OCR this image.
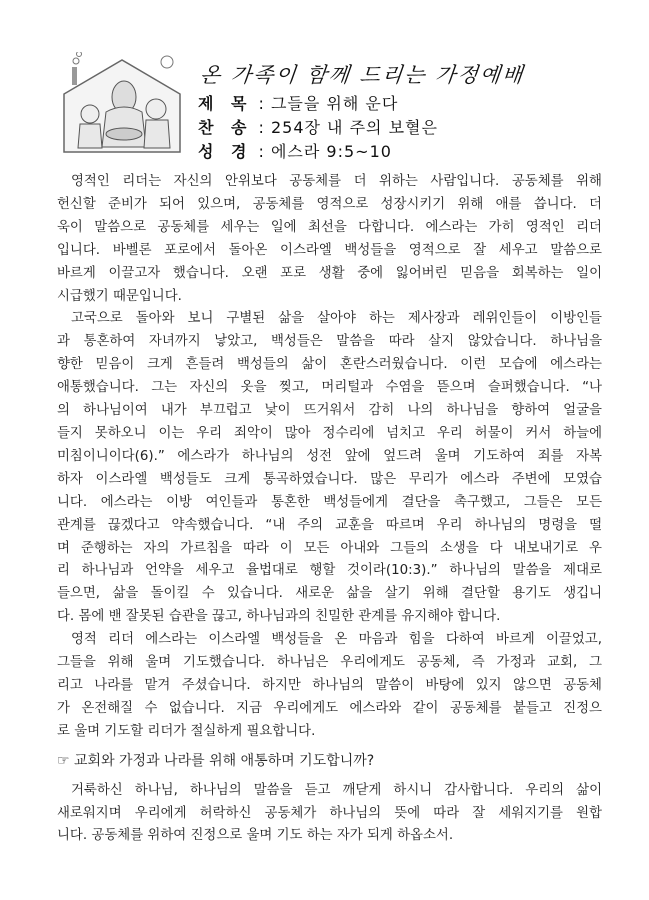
온 가족이 함께 드리는 가정예배
제 목 : 그들을 위해 운다
찬 송 : 254장 내 주의 보혈은
성 경 : 에스라 9:5~10
영적인 리더는 자신의 안위보다 공동체를 더 위하는 사람입니다. 공동체를 위해
헌신할 준비가 되어 있으며, 공동체를 영적으로 성장시키기 위해 애를 씁니다. 더
욱이 말씀으로 공동체를 세우는 일에 최선을 다합니다. 에스라는 가히 영적인 리더
입니다. 바벨론 포로에서 돌아온 이스라엘 백성들을 영적으로 잘 세우고 말씀으로
바르게 이끌고자 했습니다. 오랜 포로 생활 중에 잃어버린 믿음을 회복하는 일이
시급했기 때문입니다.
고국으로 돌아와 보니 구별된 삶을 살아야 하는 제사장과 레위인들이 이방인들
과 통혼하여 자녀까지 낳았고, 백성들은 말씀을 따라 살지 않았습니다. 하나님을
향한 믿음이 크게 흔들려 백성들의 삶이 혼란스러웠습니다. 이런 모습에 에스라는
애통했습니다. 그는 자신의 옷을 찢고, 머리털과 수염을 뜯으며 슬퍼했습니다. “나
의 하나님이여 내가 부끄럽고 낯이 뜨거워서 감히 나의 하나님을 향하여 얼굴을
들지 못하오니 이는 우리 죄악이 많아 정수리에 넘치고 우리 허물이 커서 하늘에
미침이니이다(6).” 에스라가 하나님의 성전 앞에 엎드려 울며 기도하여 죄를 자복
하자 이스라엘 백성들도 크게 통곡하였습니다. 많은 무리가 에스라 주변에 모였습
니다. 에스라는 이방 여인들과 통혼한 백성들에게 결단을 촉구했고, 그들은 모든
관계를 끊겠다고 약속했습니다. “내 주의 교훈을 따르며 우리 하나님의 명령을 떨
며 준행하는 자의 가르침을 따라 이 모든 아내와 그들의 소생을 다 내보내기로 우
리 하나님과 언약을 세우고 율법대로 행할 것이라(10:3).” 하나님의 말씀을 제대로
들으면, 삶을 돌이킬 수 있습니다. 새로운 삶을 살기 위해 결단할 용기도 생깁니
다. 몸에 밴 잘못된 습관을 끊고, 하나님과의 친밀한 관계를 유지해야 합니다.
영적 리더 에스라는 이스라엘 백성들을 온 마음과 힘을 다하여 바르게 이끌었고,
그들을 위해 울며 기도했습니다. 하나님은 우리에게도 공동체, 즉 가정과 교회, 그
리고 나라를 맡겨 주셨습니다. 하지만 하나님의 말씀이 바탕에 있지 않으면 공동체
가 온전해질 수 없습니다. 지금 우리에게도 에스라와 같이 공동체를 붙들고 진정으
로 울며 기도할 리더가 절실하게 필요합니다.
☞ 교회와 가정과 나라를 위해 애통하며 기도합니까?
거룩하신 하나님, 하나님의 말씀을 듣고 깨닫게 하시니 감사합니다. 우리의 삶이
새로워지며 우리에게 허락하신 공동체가 하나님의 뜻에 따라 잘 세워지기를 원합
니다. 공동체를 위하여 진정으로 울며 기도 하는 자가 되게 하옵소서.
